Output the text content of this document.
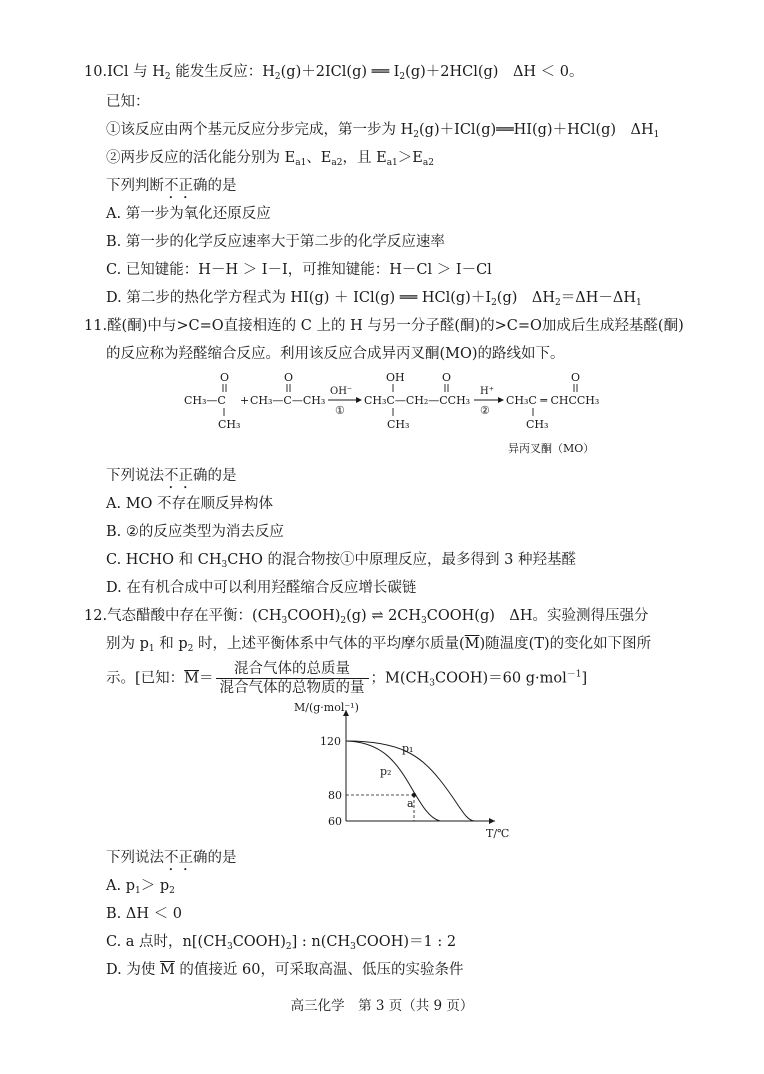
10.ICl 与 $H_2$ 能发生反应：$H_2(g)+2ICl(g)$ ══ $I_2(g)+2HCl(g)$　ΔH ＜ 0。
已知：
①该反应由两个基元反应分步完成，第一步为 $H_2(g)+ICl(g)══HI(g)+HCl(g)$　$\Delta H_1$
②两步反应的活化能分别为 $E_{a1}$、$E_{a2}$，且 $E_{a1}>E_{a2}$
下列判断不正确的是
A. 第一步为氧化还原反应
B. 第一步的化学反应速率大于第二步的化学反应速率
C. 已知键能：H－H ＞ I－I，可推知键能：H－Cl ＞ I－Cl
D. 第二步的热化学方程式为 HI(g) ＋ ICl(g) ══ $HCl(g)+I_2(g)$　$\Delta H_2=\Delta H-\Delta H_1$
11.醛(酮)中与>C=O直接相连的 C 上的 H 与另一分子醛(酮)的>C=O加成后生成羟基醛(酮)
的反应称为羟醛缩合反应。利用该反应合成异丙叉酮(MO)的路线如下。
O
CH₃—C
CH₃
+
O
CH₃—C—CH₃
OH⁻
①
OH	O
CH₃C—CH₂—CCH₃
CH₃
H⁺
②
O
CH₃C ═ CHCCH₃
CH₃
异丙叉酮（MO）
下列说法不正确的是
A. MO 不存在顺反异构体
B. ②的反应类型为消去反应
C. HCHO 和 $CH_3CHO$ 的混合物按①中原理反应，最多得到 3 种羟基醛
D. 在有机合成中可以利用羟醛缩合反应增长碳链
12.气态醋酸中存在平衡：$(CH_3COOH)_2(g)$ ⇌ $2CH_3COOH(g)$　ΔH。实验测得压强分
别为 $p_1$ 和 $p_2$ 时，上述平衡体系中气体的平均摩尔质量$(\overline{M})$随温度(T)的变化如下图所
示。[已知：$\overline{M}= \frac{\text{混合气体的总质量}}{\text{混合气体的总物质的量}}$ ；$M(CH_3COOH)=60$ g·mol$^{-1}$]
M/(g·mol⁻¹)
T/℃
120
80
60
a
p₁
p₂
下列说法不正确的是
A. $p_1> p_2$
B. ΔH ＜ 0
C. a 点时，$n[(CH_3COOH)_2]$ : $n(CH_3COOH)=1$ : 2
D. 为使 $\overline{M}$ 的值接近 60，可采取高温、低压的实验条件
高三化学　第 3 页（共 9 页）
